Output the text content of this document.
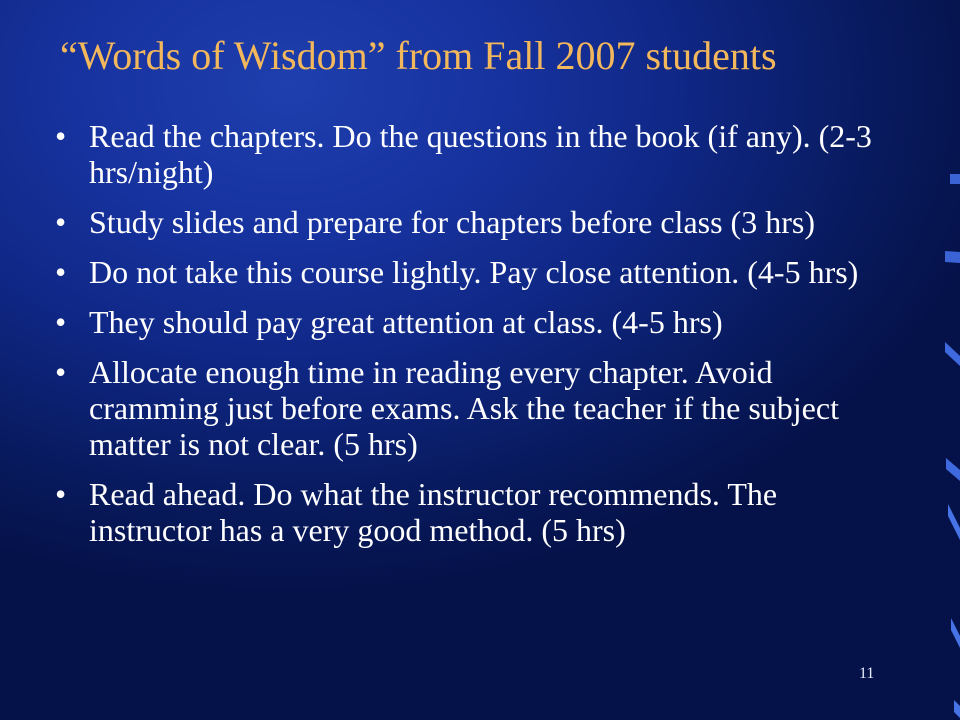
“Words of Wisdom” from Fall 2007 students
• Read the chapters. Do the questions in the book (if any). (2-3 hrs/night)
• Study slides and prepare for chapters before class (3 hrs)
• Do not take this course lightly. Pay close attention. (4-5 hrs)
• They should pay great attention at class. (4-5 hrs)
• Allocate enough time in reading every chapter. Avoid cramming just before exams. Ask the teacher if the subject matter is not clear. (5 hrs)
• Read ahead. Do what the instructor recommends. The instructor has a very good method. (5 hrs)
11
